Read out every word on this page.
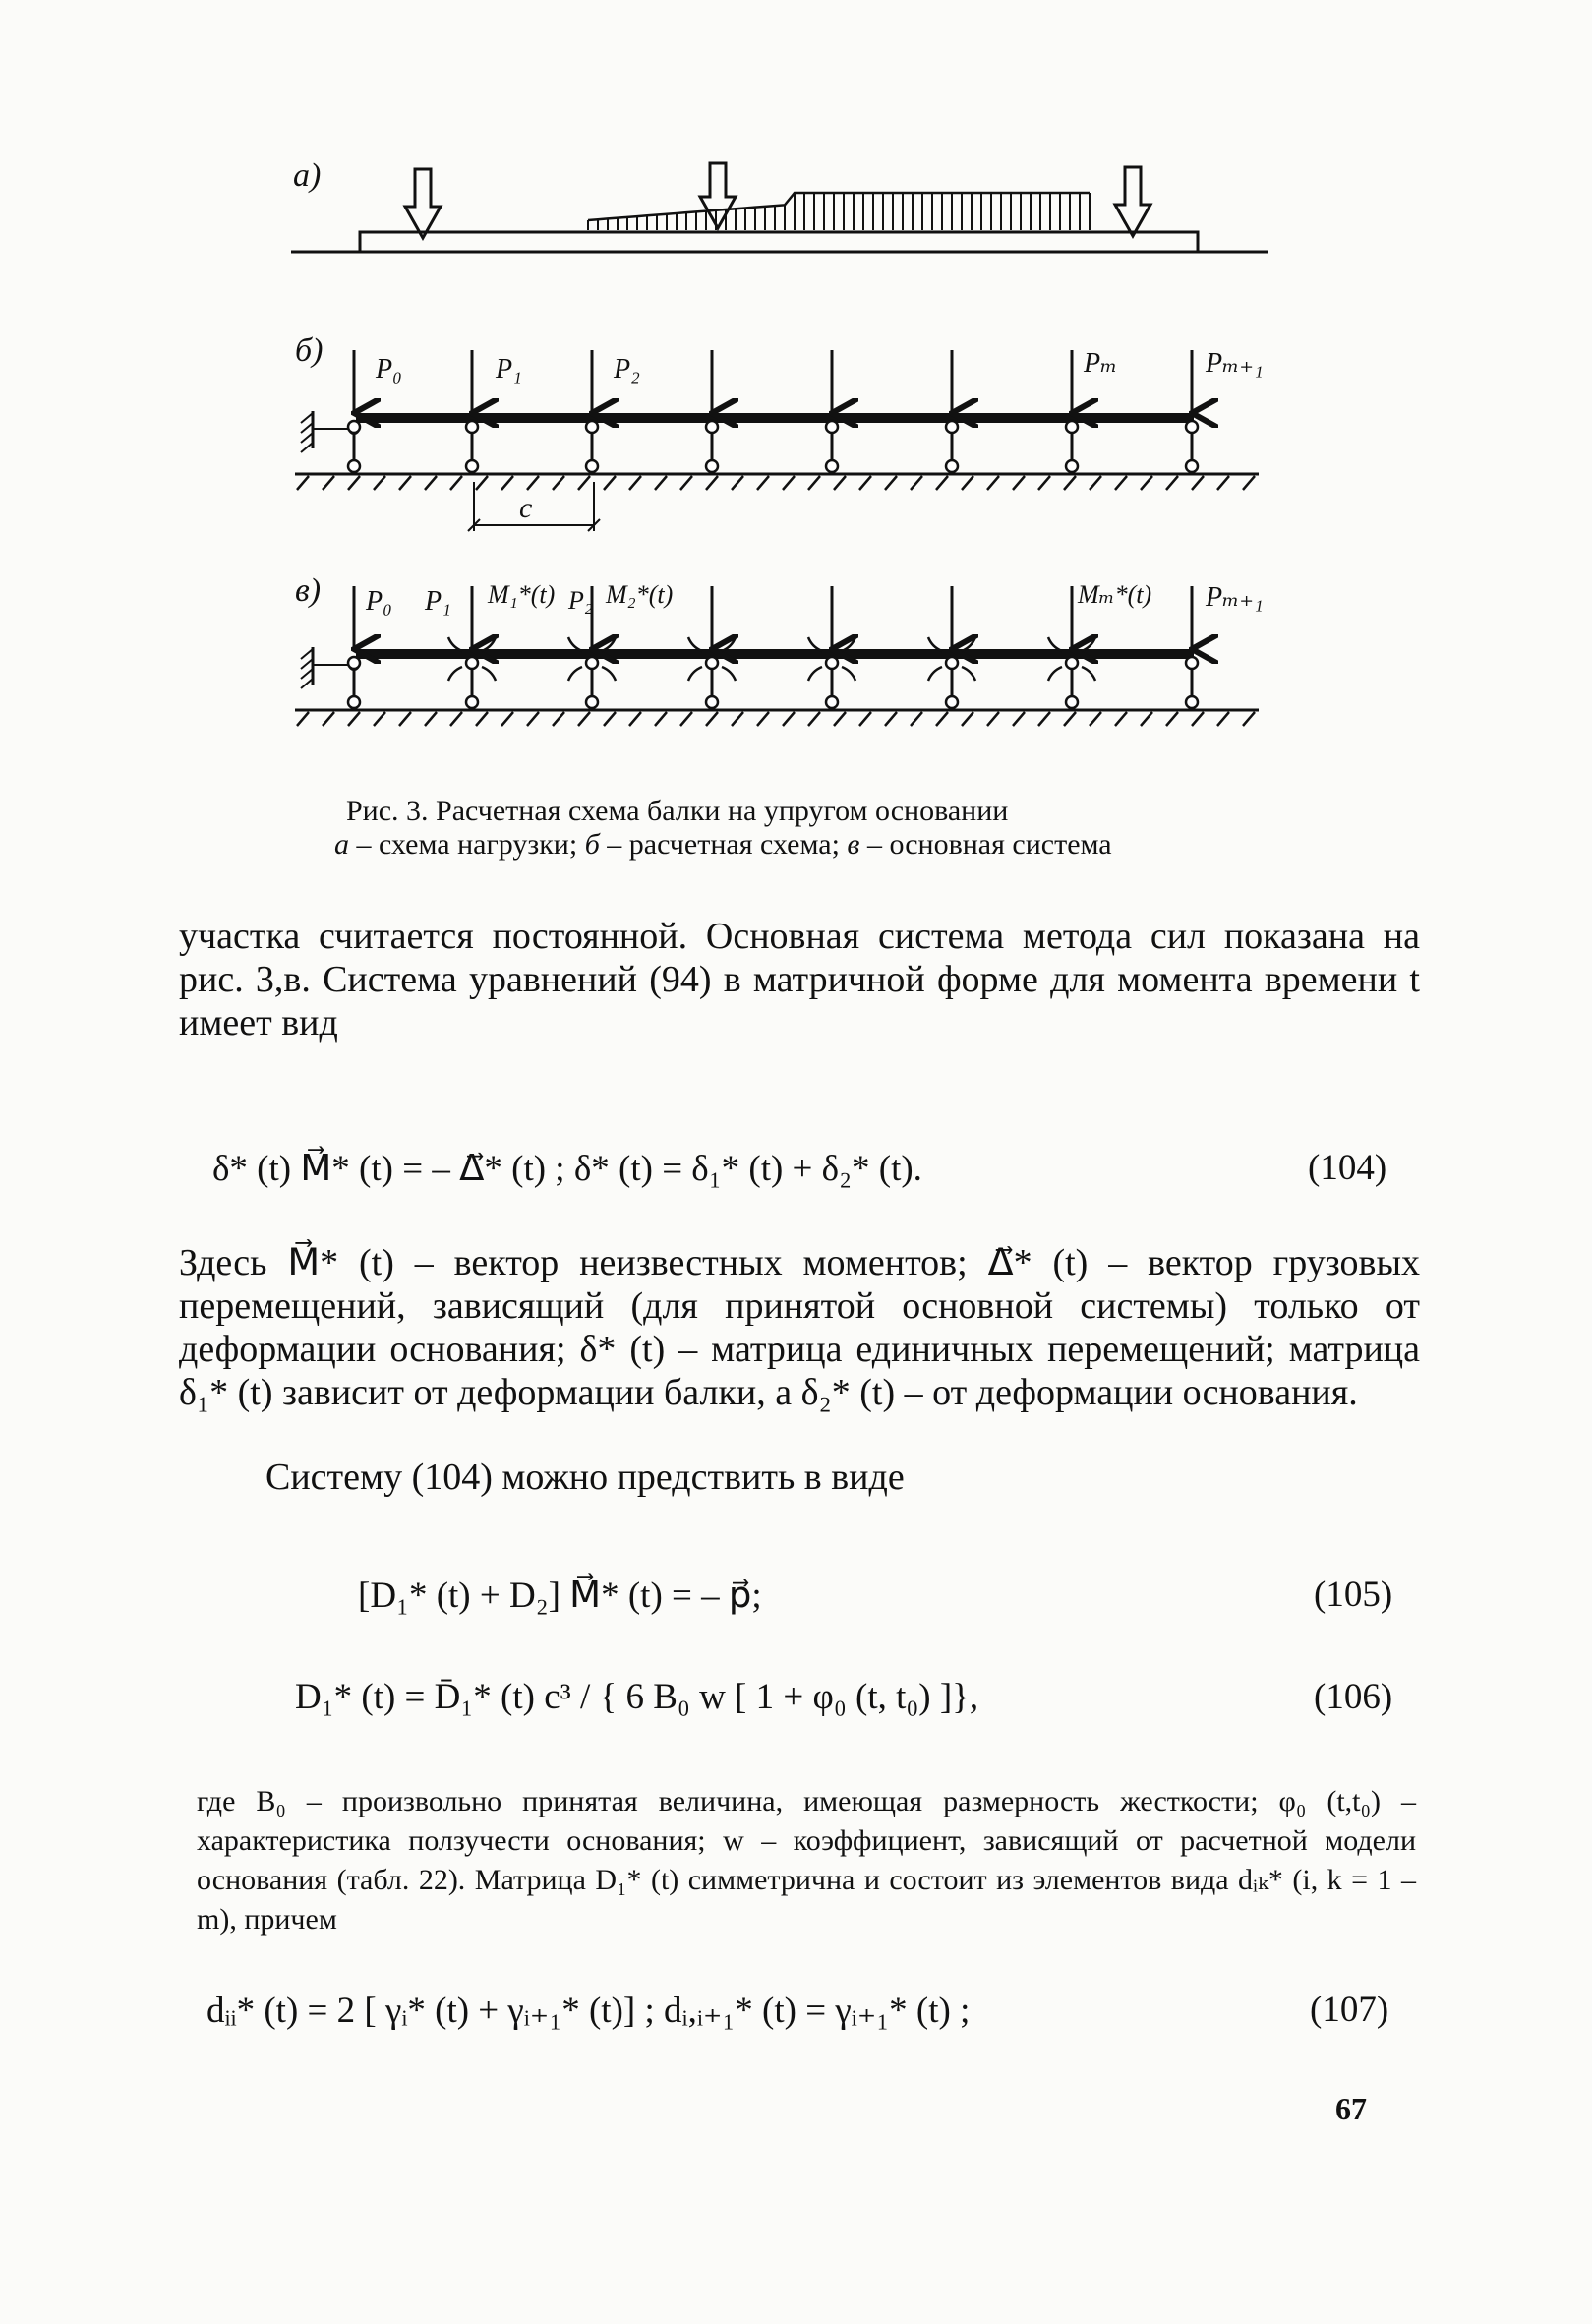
а)
б)
в)
P₀	P₁	P₂	Pₘ	Pₘ₊₁
c
P₀ P₁ M₁*(t) P₂ M₂*(t)	Mₘ*(t) Pₘ₊₁
Рис. 3. Расчетная схема балки на упругом основании
а – схема нагрузки; б – расчетная схема; в – основная система

участка считается постоянной. Основная система метода сил показана на рис. 3,в. Система уравнений (94) в матричной форме для момента времени t имеет вид

δ* (t) M⃗* (t) = – Δ⃗* (t) ; δ* (t) = δ₁* (t) + δ₂* (t).	(104)

Здесь M⃗* (t) – вектор неизвестных моментов; Δ⃗* (t) – вектор грузовых перемещений, зависящий (для принятой основной системы) только от деформации основания; δ* (t) – матрица единичных перемещений; матрица δ₁* (t) зависит от деформации балки, а δ₂* (t) – от деформации основания.

Систему (104) можно предствить в виде

[D₁* (t) + D₂] M⃗* (t) = – p⃗;	(105)
D₁* (t) = D̄₁* (t) c³ / { 6 B₀ w [ 1 + φ₀ (t, t₀) ]},	(106)

где B₀ – произвольно принятая величина, имеющая размерность жесткости; φ₀ (t,t₀) – характеристика ползучести основания; w – коэффициент, зависящий от расчетной модели основания (табл. 22). Матрица D₁* (t) симметрична и состоит из элементов вида dᵢₖ* (i, k = 1 – m), причем

dᵢᵢ* (t) = 2 [ γᵢ* (t) + γᵢ₊₁* (t)] ; dᵢ,ᵢ₊₁* (t) = γᵢ₊₁* (t) ;	(107)
67
